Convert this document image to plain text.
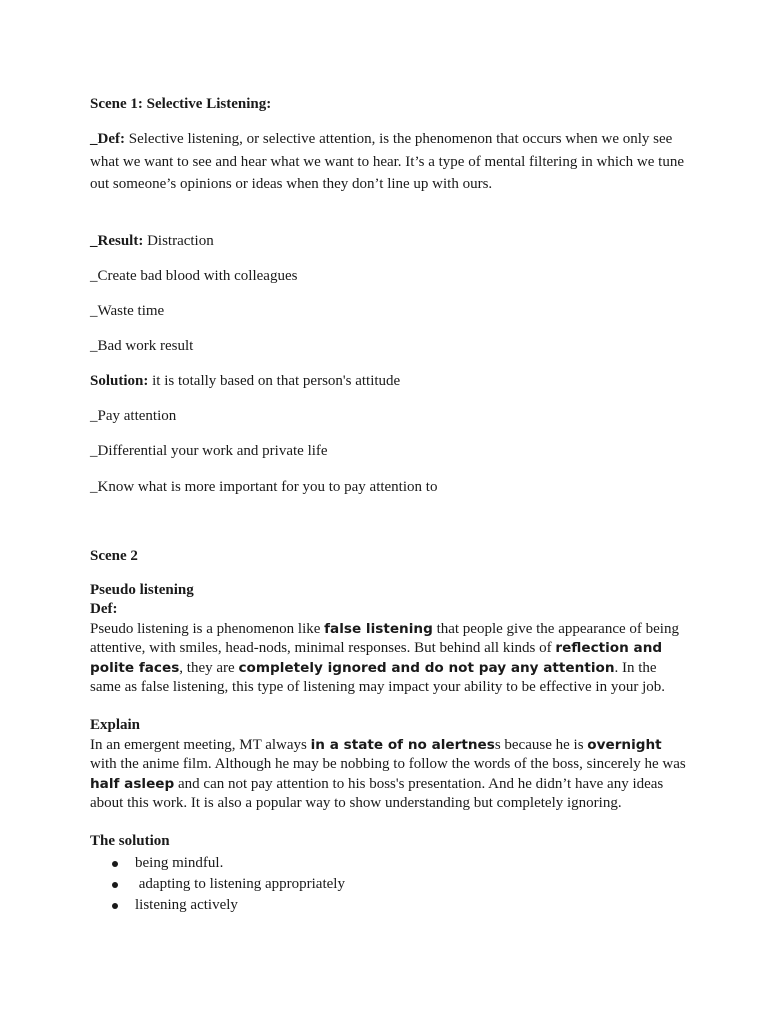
Scene 1: Selective Listening:

_Def: Selective listening, or selective attention, is the phenomenon that occurs when we only see what we want to see and hear what we want to hear. It’s a type of mental filtering in which we tune out someone’s opinions or ideas when they don’t line up with ours.

_Result: Distraction

_Create bad blood with colleagues

_Waste time

_Bad work result

Solution: it is totally based on that person's attitude

_Pay attention

_Differential your work and private life

_Know what is more important for you to pay attention to

Scene 2

Pseudo listening

Def:

Pseudo listening is a phenomenon like false listening that people give the appearance of being attentive, with smiles, head-nods, minimal responses. But behind all kinds of reflection and polite faces, they are completely ignored and do not pay any attention. In the same as false listening, this type of listening may impact your ability to be effective in your job.

Explain

In an emergent meeting, MT always in a state of no alertness because he is overnight with the anime film. Although he may be nobbing to follow the words of the boss, sincerely he was half asleep and can not pay attention to his boss's presentation. And he didn’t have any ideas about this work. It is also a popular way to show understanding but completely ignoring.

The solution

being mindful.
adapting to listening appropriately
listening actively
